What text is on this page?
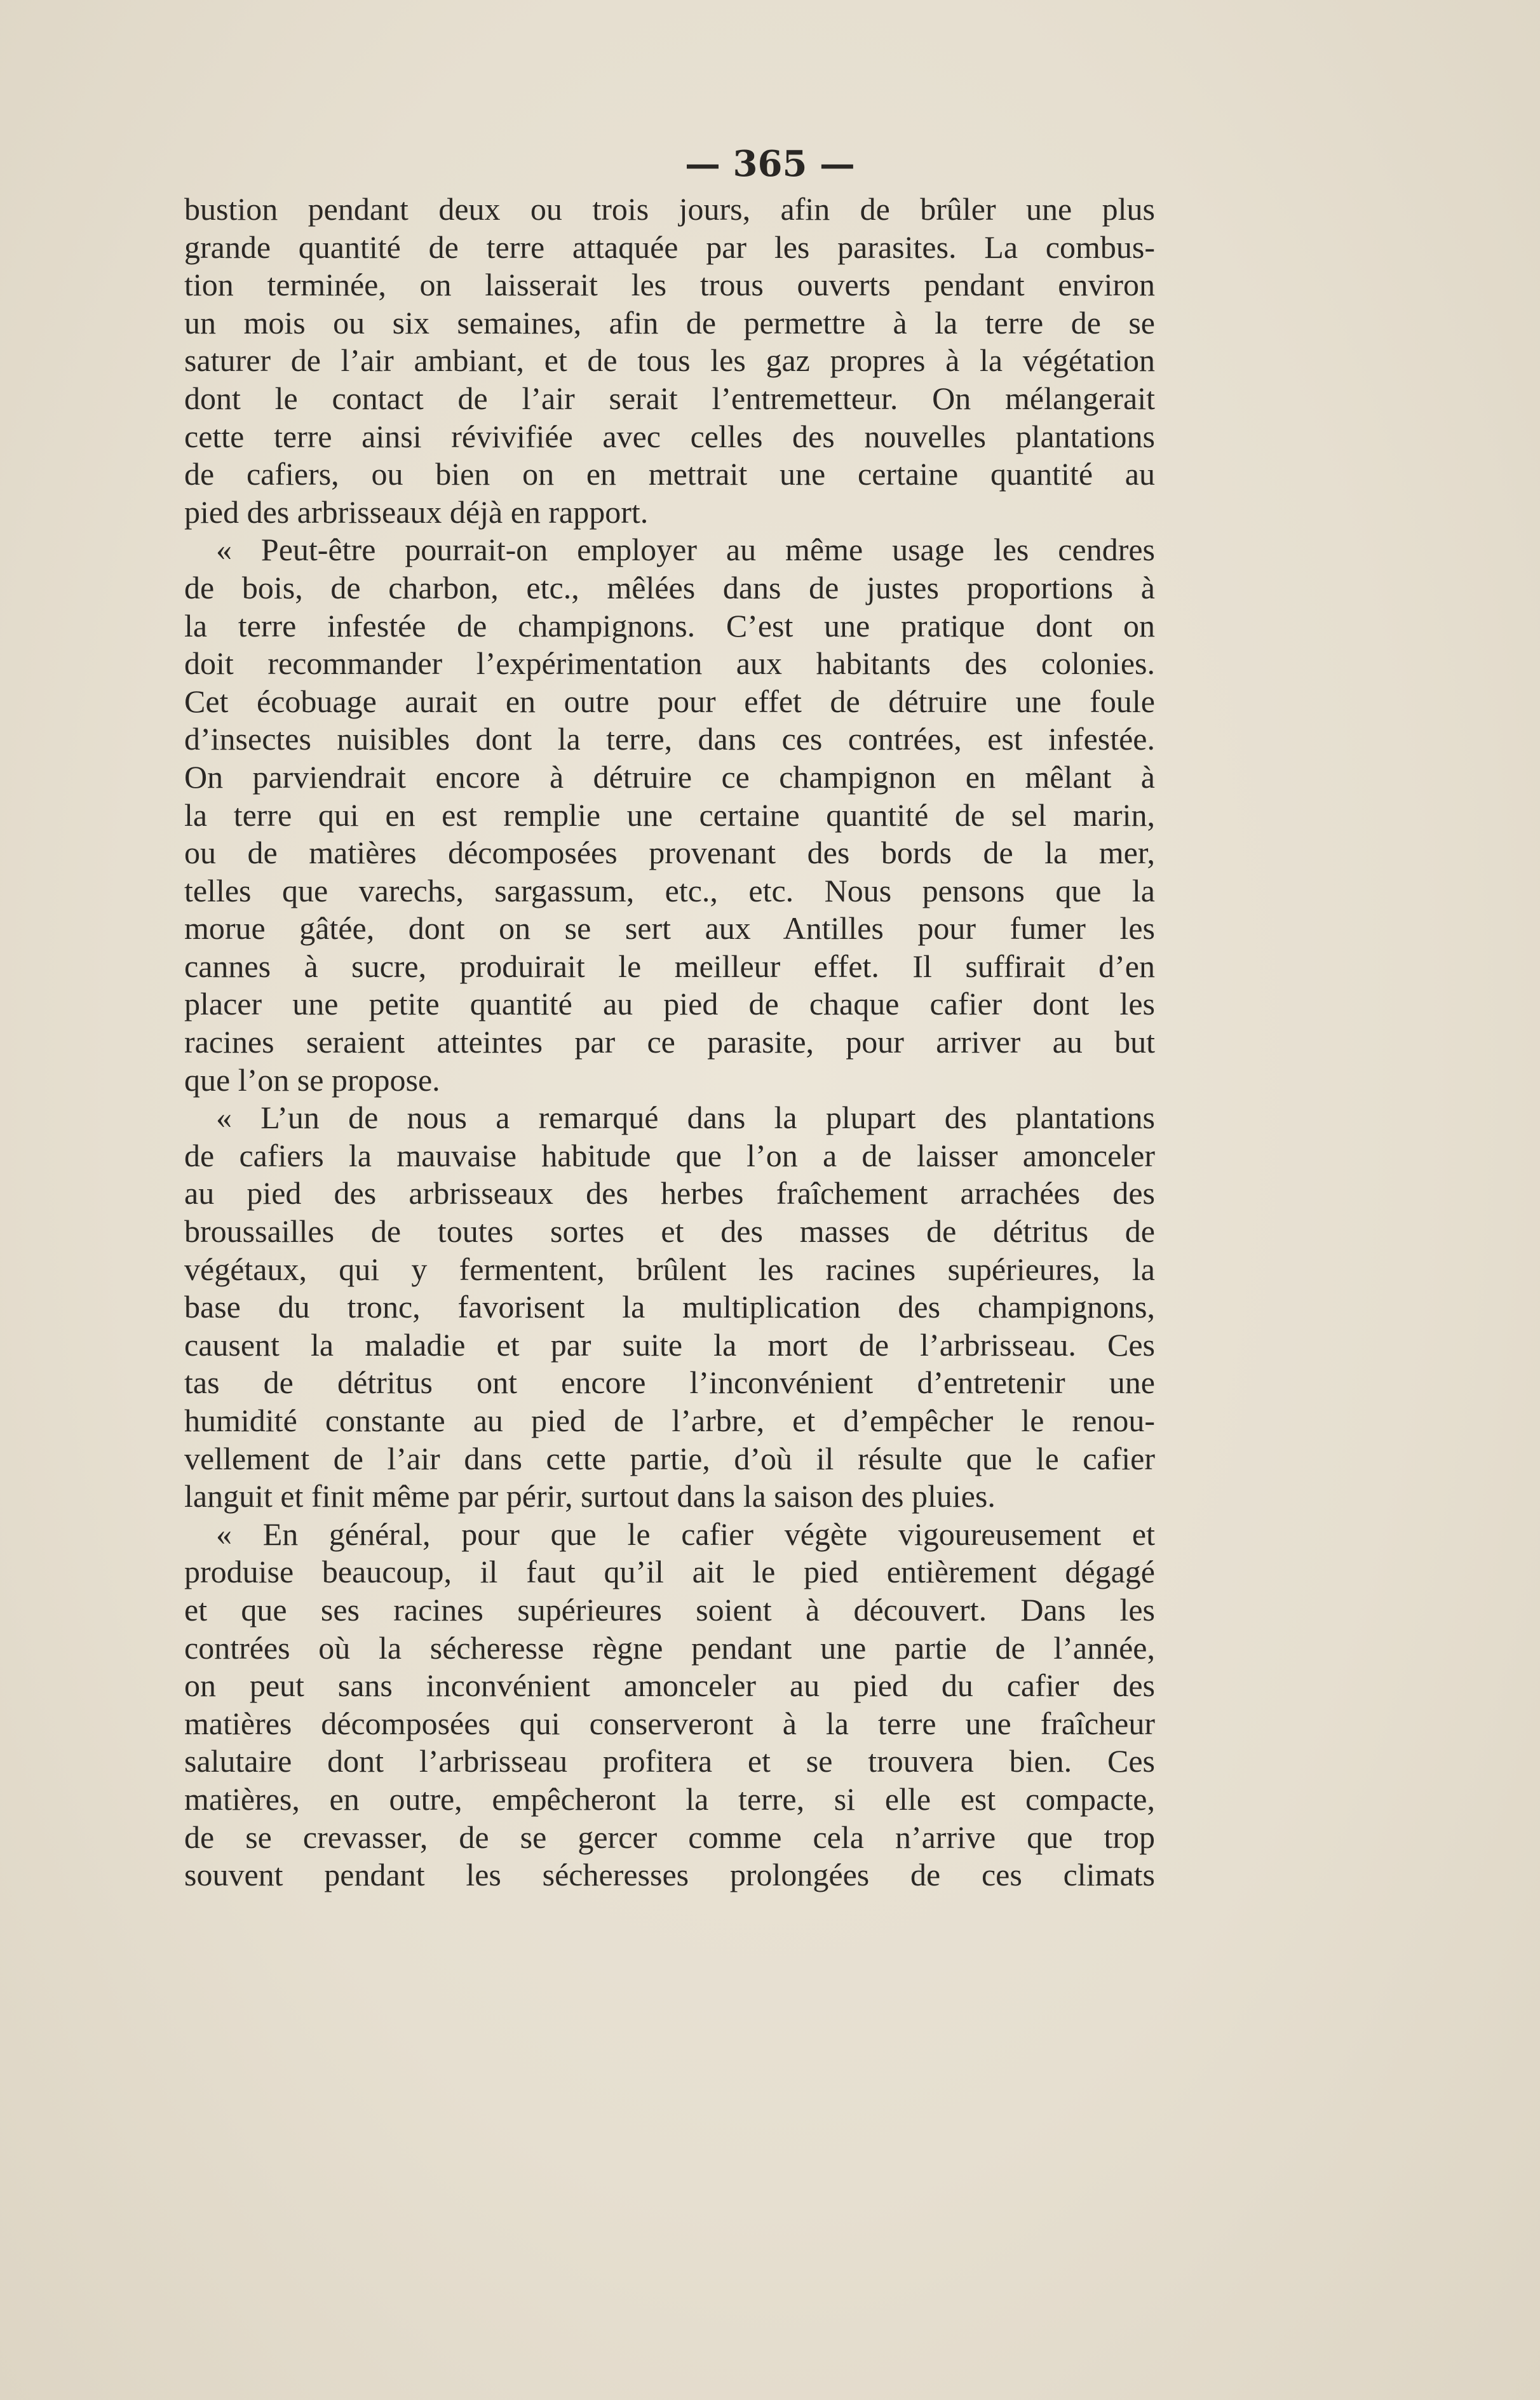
— 365 —

bustion pendant deux ou trois jours, afin de brûler une plus

grande quantité de terre attaquée par les parasites. La combus-

tion terminée, on laisserait les trous ouverts pendant environ

un mois ou six semaines, afin de permettre à la terre de se

saturer de l’air ambiant, et de tous les gaz propres à la végétation

dont le contact de l’air serait l’entremetteur. On mélangerait

cette terre ainsi révivifiée avec celles des nouvelles plantations

de cafiers, ou bien on en mettrait une certaine quantité au

pied des arbrisseaux déjà en rapport.

« Peut-être pourrait-on employer au même usage les cendres

de bois, de charbon, etc., mêlées dans de justes proportions à

la terre infestée de champignons. C’est une pratique dont on

doit recommander l’expérimentation aux habitants des colonies.

Cet écobuage aurait en outre pour effet de détruire une foule

d’insectes nuisibles dont la terre, dans ces contrées, est infestée.

On parviendrait encore à détruire ce champignon en mêlant à

la terre qui en est remplie une certaine quantité de sel marin,

ou de matières décomposées provenant des bords de la mer,

telles que varechs, sargassum, etc., etc. Nous pensons que la

morue gâtée, dont on se sert aux Antilles pour fumer les

cannes à sucre, produirait le meilleur effet. Il suffirait d’en

placer une petite quantité au pied de chaque cafier dont les

racines seraient atteintes par ce parasite, pour arriver au but

que l’on se propose.

« L’un de nous a remarqué dans la plupart des plantations

de cafiers la mauvaise habitude que l’on a de laisser amonceler

au pied des arbrisseaux des herbes fraîchement arrachées des

broussailles de toutes sortes et des masses de détritus de

végétaux, qui y fermentent, brûlent les racines supérieures, la

base du tronc, favorisent la multiplication des champignons,

causent la maladie et par suite la mort de l’arbrisseau. Ces

tas de détritus ont encore l’inconvénient d’entretenir une

humidité constante au pied de l’arbre, et d’empêcher le renou-

vellement de l’air dans cette partie, d’où il résulte que le cafier

languit et finit même par périr, surtout dans la saison des pluies.

« En général, pour que le cafier végète vigoureusement et

produise beaucoup, il faut qu’il ait le pied entièrement dégagé

et que ses racines supérieures soient à découvert. Dans les

contrées où la sécheresse règne pendant une partie de l’année,

on peut sans inconvénient amonceler au pied du cafier des

matières décomposées qui conserveront à la terre une fraîcheur

salutaire dont l’arbrisseau profitera et se trouvera bien. Ces

matières, en outre, empêcheront la terre, si elle est compacte,

de se crevasser, de se gercer comme cela n’arrive que trop

souvent pendant les sécheresses prolongées de ces climats
